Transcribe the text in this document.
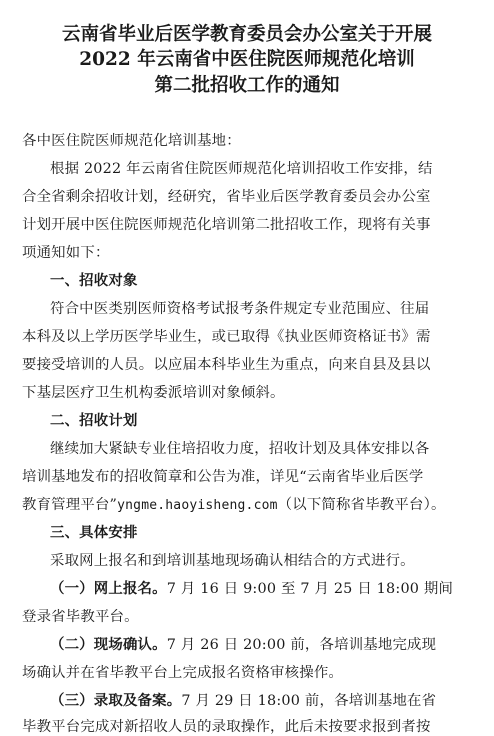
云南省毕业后医学教育委员会办公室关于开展
2022 年云南省中医住院医师规范化培训
第二批招收工作的通知
各中医住院医师规范化培训基地：
根据 2022 年云南省住院医师规范化培训招收工作安排，结
合全省剩余招收计划，经研究，省毕业后医学教育委员会办公室
计划开展中医住院医师规范化培训第二批招收工作，现将有关事
项通知如下：
一、招收对象
符合中医类别医师资格考试报考条件规定专业范围应、往届
本科及以上学历医学毕业生，或已取得《执业医师资格证书》需
要接受培训的人员。以应届本科毕业生为重点，向来自县及县以
下基层医疗卫生机构委派培训对象倾斜。
二、招收计划
继续加大紧缺专业住培招收力度，招收计划及具体安排以各
培训基地发布的招收简章和公告为准，详见“云南省毕业后医学
教育管理平台”yngme.haoyisheng.com（以下简称省毕教平台）。
三、具体安排
采取网上报名和到培训基地现场确认相结合的方式进行。
（一）网上报名。7 月 16 日 9:00 至 7 月 25 日 18:00 期间
登录省毕教平台。
（二）现场确认。7 月 26 日 20:00 前，各培训基地完成现
场确认并在省毕教平台上完成报名资格审核操作。
（三）录取及备案。7 月 29 日 18:00 前，各培训基地在省
毕教平台完成对新招收人员的录取操作，此后未按要求报到者按
